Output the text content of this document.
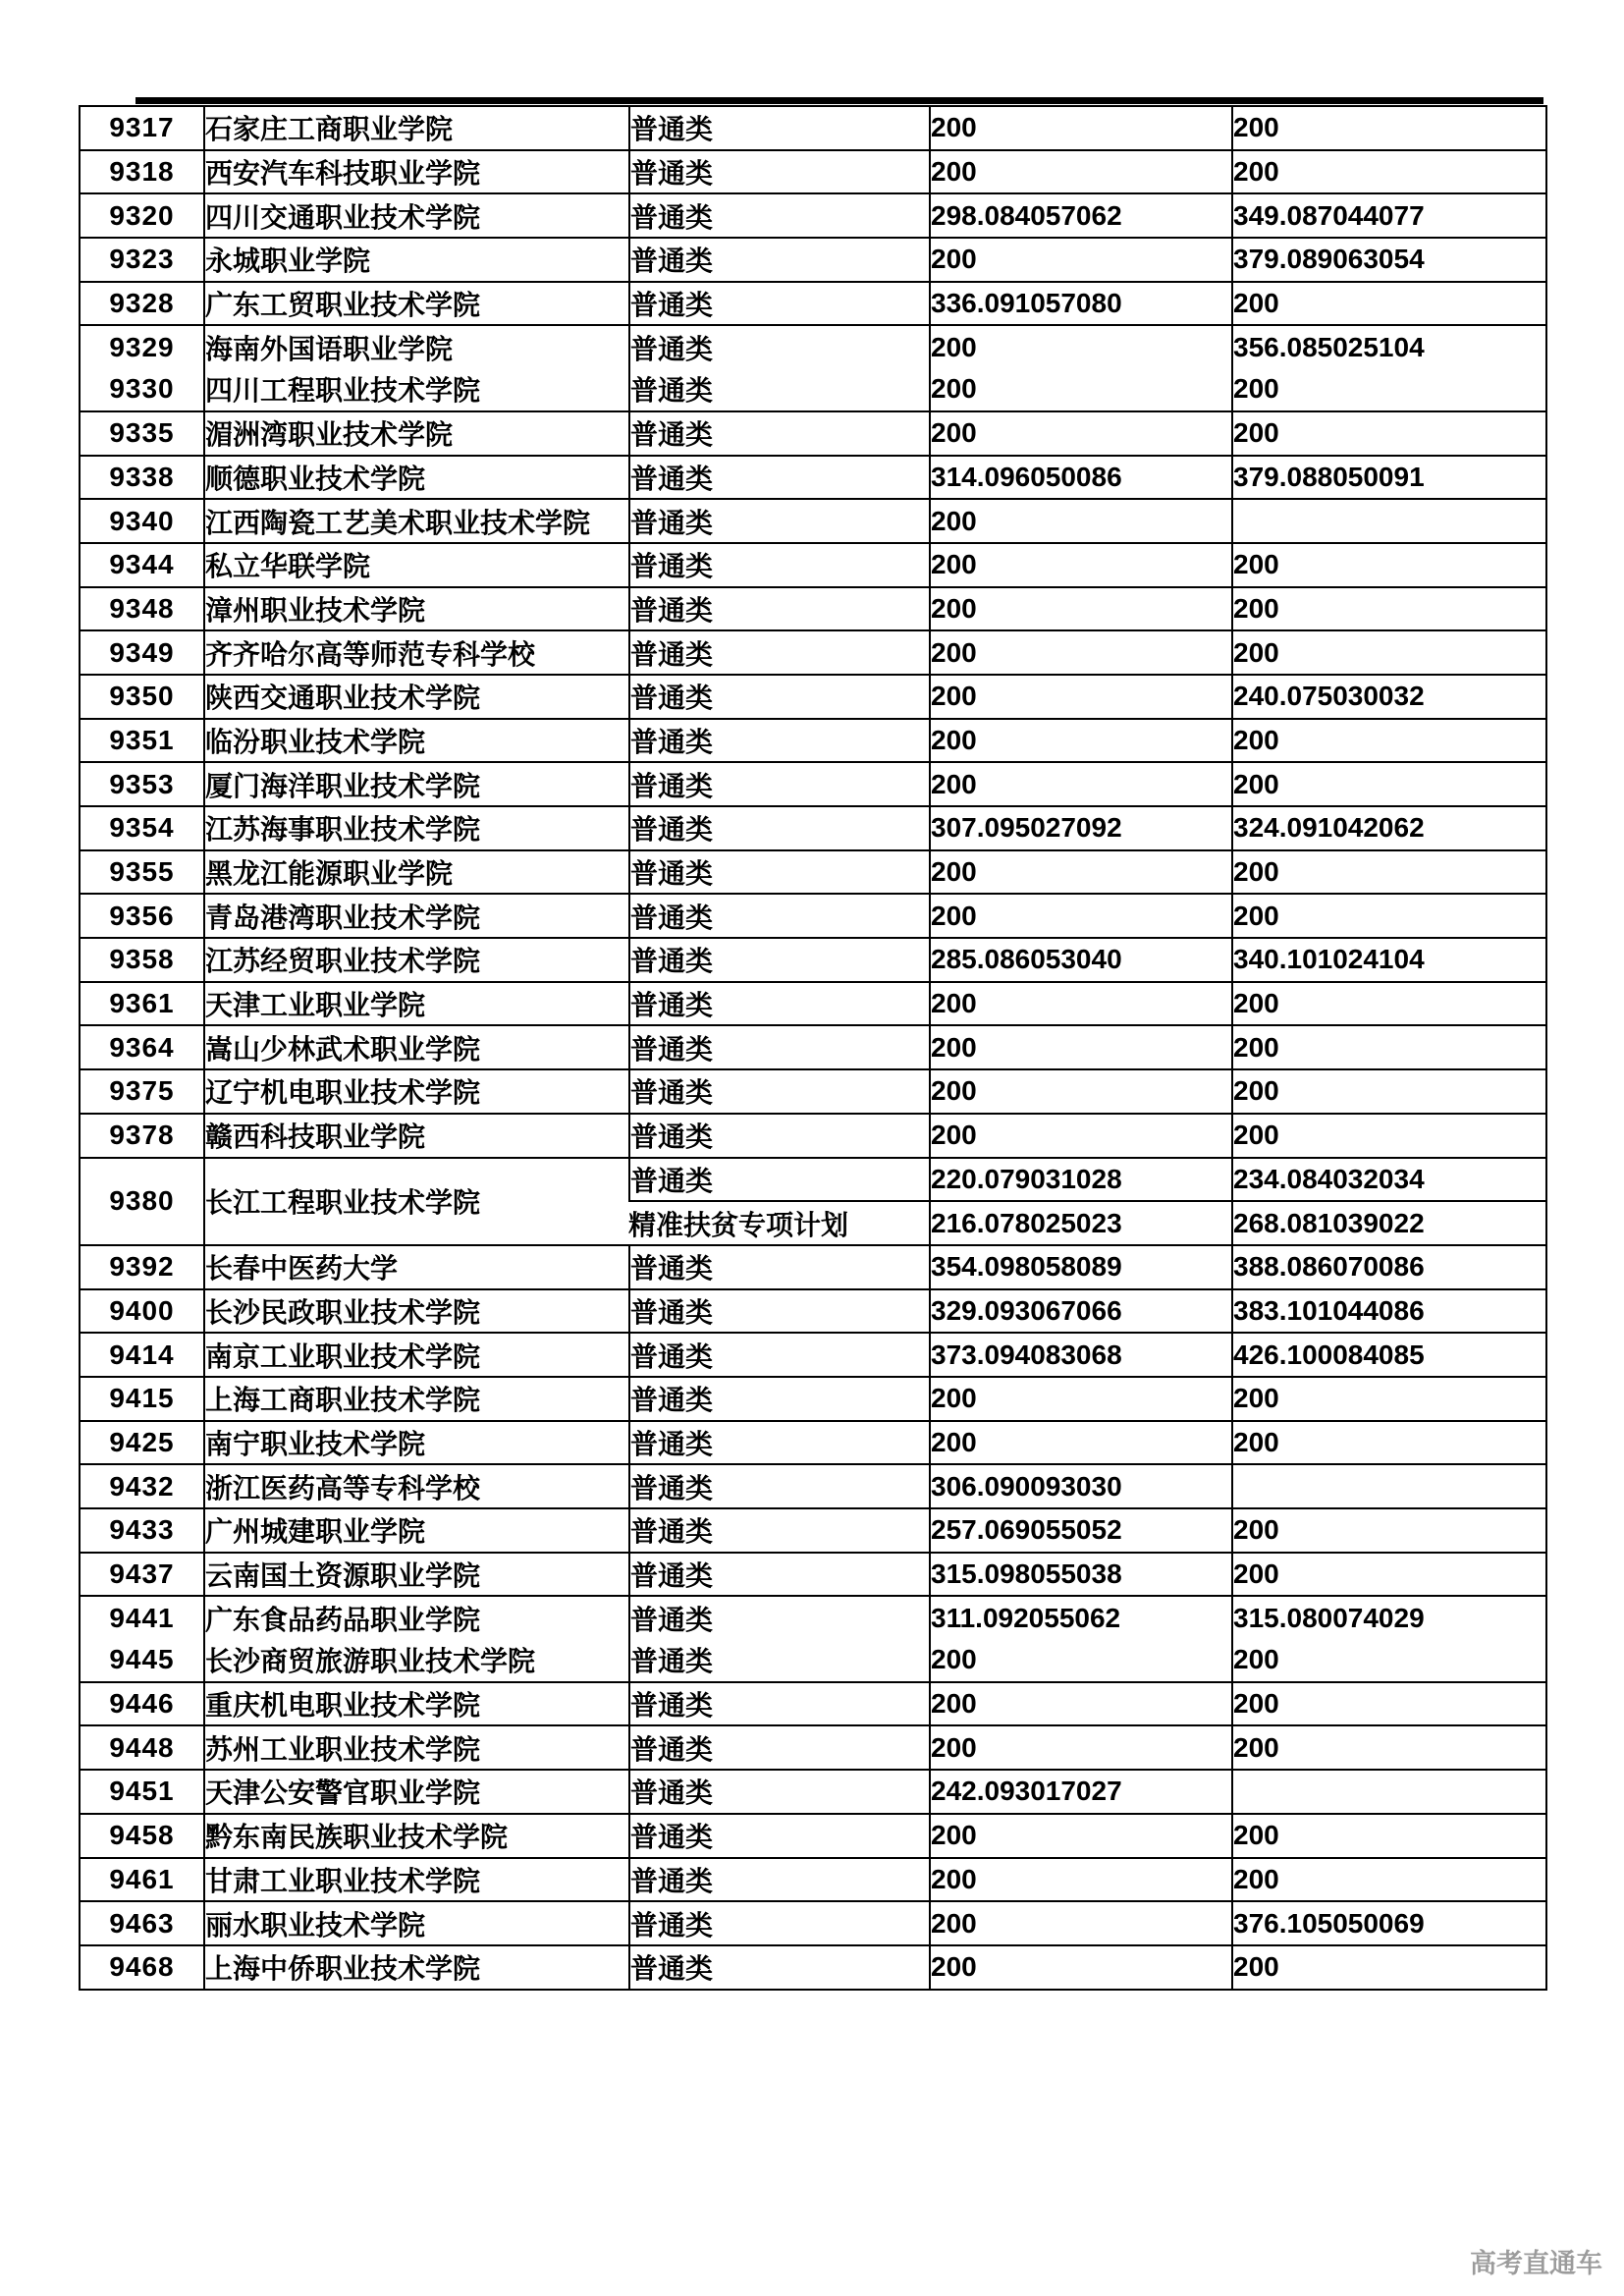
9317	石家庄工商职业学院	普通类	200	200
9318	西安汽车科技职业学院	普通类	200	200
9320	四川交通职业技术学院	普通类	298.084057062	349.087044077
9323	永城职业学院	普通类	200	379.089063054
9328	广东工贸职业技术学院	普通类	336.091057080	200
9329	海南外国语职业学院	普通类	200	356.085025104
9330	四川工程职业技术学院	普通类	200	200
9335	湄洲湾职业技术学院	普通类	200	200
9338	顺德职业技术学院	普通类	314.096050086	379.088050091
9340	江西陶瓷工艺美术职业技术学院	普通类	200	
9344	私立华联学院	普通类	200	200
9348	漳州职业技术学院	普通类	200	200
9349	齐齐哈尔高等师范专科学校	普通类	200	200
9350	陕西交通职业技术学院	普通类	200	240.075030032
9351	临汾职业技术学院	普通类	200	200
9353	厦门海洋职业技术学院	普通类	200	200
9354	江苏海事职业技术学院	普通类	307.095027092	324.091042062
9355	黑龙江能源职业学院	普通类	200	200
9356	青岛港湾职业技术学院	普通类	200	200
9358	江苏经贸职业技术学院	普通类	285.086053040	340.101024104
9361	天津工业职业学院	普通类	200	200
9364	嵩山少林武术职业学院	普通类	200	200
9375	辽宁机电职业技术学院	普通类	200	200
9378	赣西科技职业学院	普通类	200	200
9380	长江工程职业技术学院	普通类	220.079031028	234.084032034
		精准扶贫专项计划	216.078025023	268.081039022
9392	长春中医药大学	普通类	354.098058089	388.086070086
9400	长沙民政职业技术学院	普通类	329.093067066	383.101044086
9414	南京工业职业技术学院	普通类	373.094083068	426.100084085
9415	上海工商职业技术学院	普通类	200	200
9425	南宁职业技术学院	普通类	200	200
9432	浙江医药高等专科学校	普通类	306.090093030	
9433	广州城建职业学院	普通类	257.069055052	200
9437	云南国土资源职业学院	普通类	315.098055038	200
9441	广东食品药品职业学院	普通类	311.092055062	315.080074029
9445	长沙商贸旅游职业技术学院	普通类	200	200
9446	重庆机电职业技术学院	普通类	200	200
9448	苏州工业职业技术学院	普通类	200	200
9451	天津公安警官职业学院	普通类	242.093017027	
9458	黔东南民族职业技术学院	普通类	200	200
9461	甘肃工业职业技术学院	普通类	200	200
9463	丽水职业技术学院	普通类	200	376.105050069
9468	上海中侨职业技术学院	普通类	200	200
高考直通车
